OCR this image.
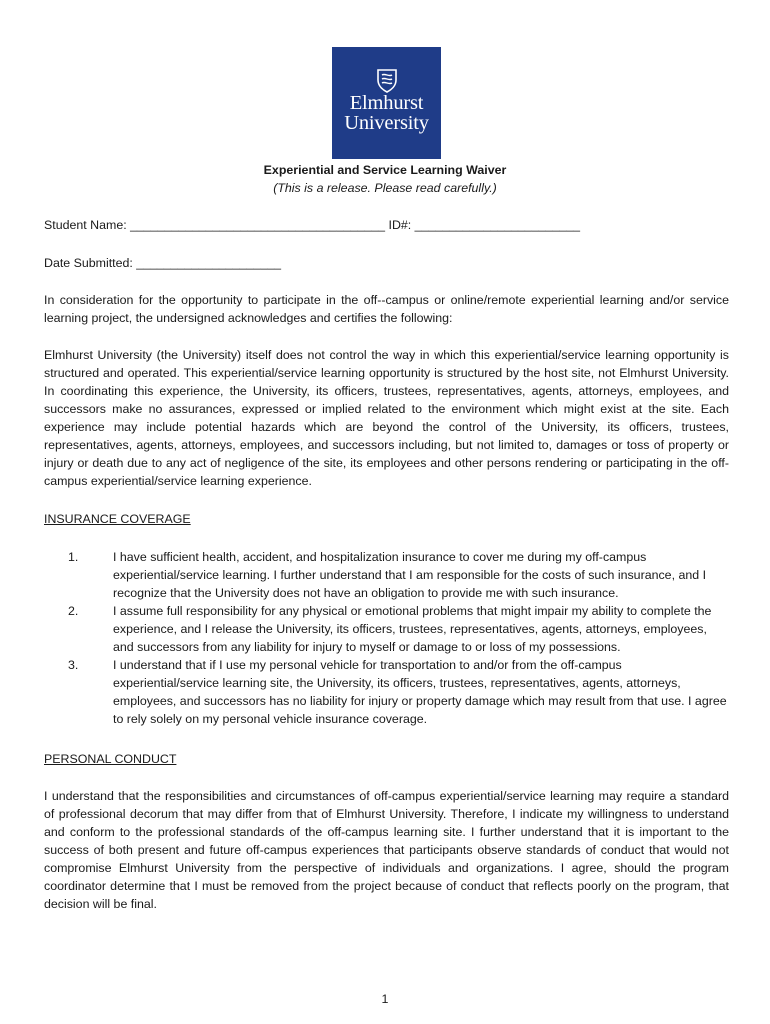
Elmhurst
University
Experiential and Service Learning Waiver
(This is a release. Please read carefully.)
Student Name: _____________________________________ ID#: ________________________
Date Submitted: _____________________
In consideration for the opportunity to participate in the off--campus or online/remote experiential learning and/or service learning project, the undersigned acknowledges and certifies the following:
Elmhurst University (the University) itself does not control the way in which this experiential/service learning opportunity is structured and operated. This experiential/service learning opportunity is structured by the host site, not Elmhurst University. In coordinating this experience, the University, its officers, trustees, representatives, agents, attorneys, employees, and successors make no assurances, expressed or implied related to the environment which might exist at the site. Each experience may include potential hazards which are beyond the control of the University, its officers, trustees, representatives, agents, attorneys, employees, and successors including, but not limited to, damages or toss of property or injury or death due to any act of negligence of the site, its employees and other persons rendering or participating in the off-campus experiential/service learning experience.
INSURANCE COVERAGE
1.	I have sufficient health, accident, and hospitalization insurance to cover me during my off-campus experiential/service learning. I further understand that I am responsible for the costs of such insurance, and I recognize that the University does not have an obligation to provide me with such insurance.
2.	I assume full responsibility for any physical or emotional problems that might impair my ability to complete the experience, and I release the University, its officers, trustees, representatives, agents, attorneys, employees, and successors from any liability for injury to myself or damage to or loss of my possessions.
3.	I understand that if I use my personal vehicle for transportation to and/or from the off-campus experiential/service learning site, the University, its officers, trustees, representatives, agents, attorneys, employees, and successors has no liability for injury or property damage which may result from that use. I agree to rely solely on my personal vehicle insurance coverage.
PERSONAL CONDUCT
I understand that the responsibilities and circumstances of off-campus experiential/service learning may require a standard of professional decorum that may differ from that of Elmhurst University. Therefore, I indicate my willingness to understand and conform to the professional standards of the off-campus learning site. I further understand that it is important to the success of both present and future off-campus experiences that participants observe standards of conduct that would not compromise Elmhurst University from the perspective of individuals and organizations. I agree, should the program coordinator determine that I must be removed from the project because of conduct that reflects poorly on the program, that decision will be final.
1
